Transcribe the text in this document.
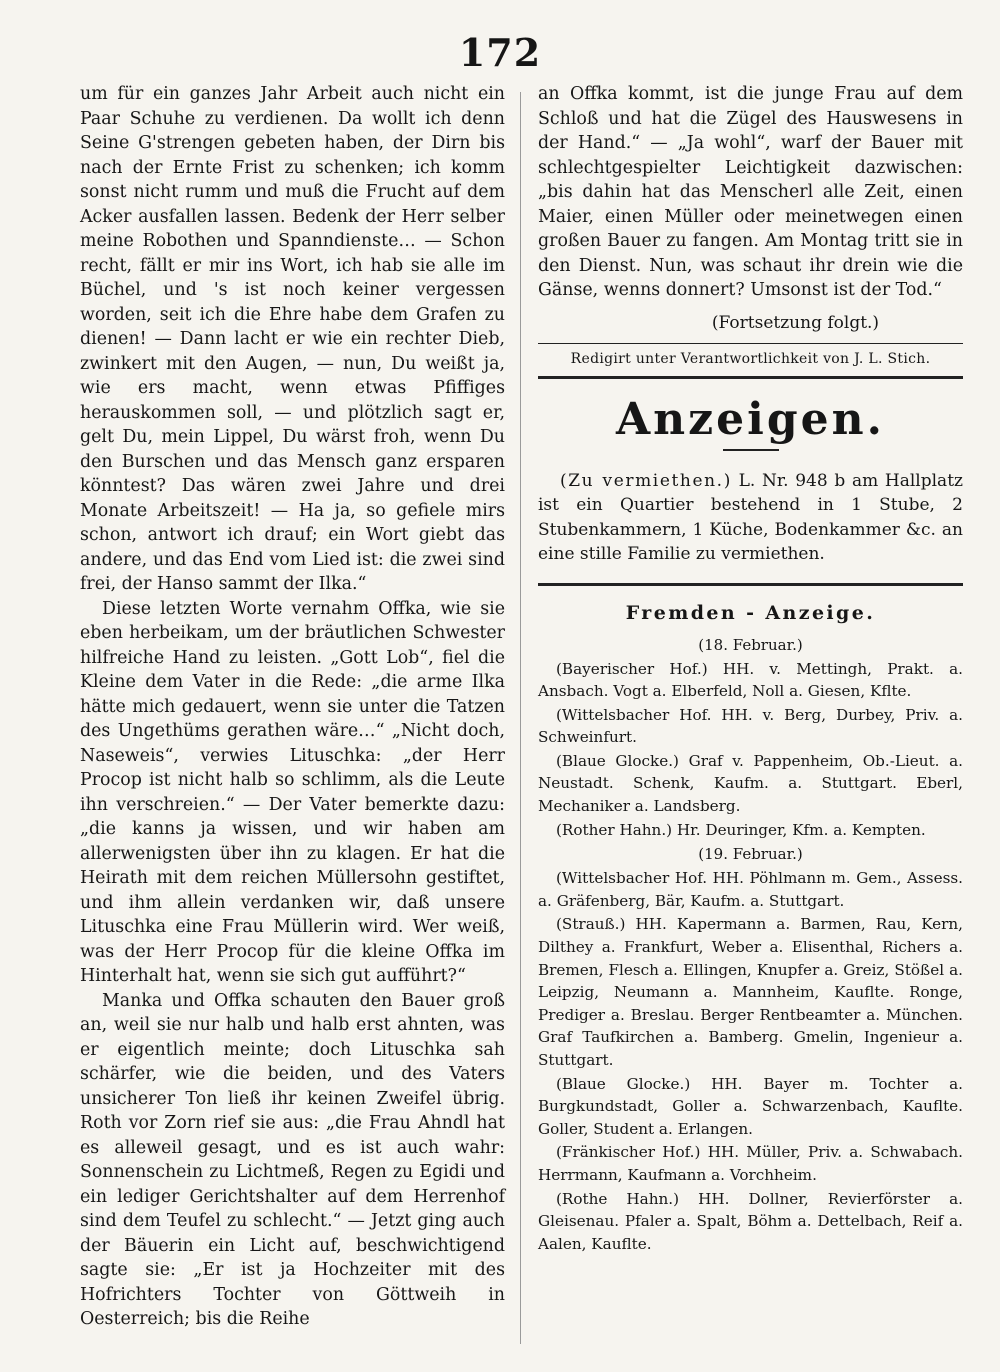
172

um für ein ganzes Jahr Arbeit auch nicht ein Paar Schuhe zu verdienen. Da wollt ich denn Seine G'strengen gebeten haben, der Dirn bis nach der Ernte Frist zu schenken; ich komm sonst nicht rumm und muß die Frucht auf dem Acker ausfallen lassen. Bedenk der Herr selber meine Robothen und Spanndienste… — Schon recht, fällt er mir ins Wort, ich hab sie alle im Büchel, und 's ist noch keiner vergessen worden, seit ich die Ehre habe dem Grafen zu dienen! — Dann lacht er wie ein rechter Dieb, zwinkert mit den Augen, — nun, Du weißt ja, wie ers macht, wenn etwas Pfiffiges herauskommen soll, — und plötzlich sagt er, gelt Du, mein Lippel, Du wärst froh, wenn Du den Burschen und das Mensch ganz ersparen könntest? Das wären zwei Jahre und drei Monate Arbeitszeit! — Ha ja, so gefiele mirs schon, antwort ich drauf; ein Wort giebt das andere, und das End vom Lied ist: die zwei sind frei, der Hanso sammt der Ilka.“

Diese letzten Worte vernahm Offka, wie sie eben herbeikam, um der bräutlichen Schwester hilfreiche Hand zu leisten. „Gott Lob“, fiel die Kleine dem Vater in die Rede: „die arme Ilka hätte mich gedauert, wenn sie unter die Tatzen des Ungethüms gerathen wäre…“ „Nicht doch, Naseweis“, verwies Lituschka: „der Herr Procop ist nicht halb so schlimm, als die Leute ihn verschreien.“ — Der Vater bemerkte dazu: „die kanns ja wissen, und wir haben am allerwenigsten über ihn zu klagen. Er hat die Heirath mit dem reichen Müllersohn gestiftet, und ihm allein verdanken wir, daß unsere Lituschka eine Frau Müllerin wird. Wer weiß, was der Herr Procop für die kleine Offka im Hinterhalt hat, wenn sie sich gut aufführt?“

Manka und Offka schauten den Bauer groß an, weil sie nur halb und halb erst ahnten, was er eigentlich meinte; doch Lituschka sah schärfer, wie die beiden, und des Vaters unsicherer Ton ließ ihr keinen Zweifel übrig. Roth vor Zorn rief sie aus: „die Frau Ahndl hat es alleweil gesagt, und es ist auch wahr: Sonnenschein zu Lichtmeß, Regen zu Egidi und ein lediger Gerichtshalter auf dem Herrenhof sind dem Teufel zu schlecht.“ — Jetzt ging auch der Bäuerin ein Licht auf, beschwichtigend sagte sie: „Er ist ja Hochzeiter mit des Hofrichters Tochter von Göttweih in Oesterreich; bis die Reihe

an Offka kommt, ist die junge Frau auf dem Schloß und hat die Zügel des Hauswesens in der Hand.“ — „Ja wohl“, warf der Bauer mit schlechtgespielter Leichtigkeit dazwischen: „bis dahin hat das Menscherl alle Zeit, einen Maier, einen Müller oder meinetwegen einen großen Bauer zu fangen. Am Montag tritt sie in den Dienst. Nun, was schaut ihr drein wie die Gänse, wenns donnert? Umsonst ist der Tod.“

(Fortsetzung folgt.)
Redigirt unter Verantwortlichkeit von J. L. Stich.
Anzeigen.

(Zu vermiethen.) L. Nr. 948 b am Hallplatz ist ein Quartier bestehend in 1 Stube, 2 Stubenkammern, 1 Küche, Bodenkammer &c. an eine stille Familie zu vermiethen.

Fremden - Anzeige.
(18. Februar.)

(Bayerischer Hof.) HH. v. Mettingh, Prakt. a. Ansbach. Vogt a. Elberfeld, Noll a. Giesen, Kflte.

(Wittelsbacher Hof. HH. v. Berg, Durbey, Priv. a. Schweinfurt.

(Blaue Glocke.) Graf v. Pappenheim, Ob.-Lieut. a. Neustadt. Schenk, Kaufm. a. Stuttgart. Eberl, Mechaniker a. Landsberg.

(Rother Hahn.) Hr. Deuringer, Kfm. a. Kempten.

(19. Februar.)

(Wittelsbacher Hof. HH. Pöhlmann m. Gem., Assess. a. Gräfenberg, Bär, Kaufm. a. Stuttgart.

(Strauß.) HH. Kapermann a. Barmen, Rau, Kern, Dilthey a. Frankfurt, Weber a. Elisenthal, Richers a. Bremen, Flesch a. Ellingen, Knupfer a. Greiz, Stößel a. Leipzig, Neumann a. Mannheim, Kauflte. Ronge, Prediger a. Breslau. Berger Rentbeamter a. München. Graf Taufkirchen a. Bamberg. Gmelin, Ingenieur a. Stuttgart.

(Blaue Glocke.) HH. Bayer m. Tochter a. Burgkundstadt, Goller a. Schwarzenbach, Kauflte. Goller, Student a. Erlangen.

(Fränkischer Hof.) HH. Müller, Priv. a. Schwabach. Herrmann, Kaufmann a. Vorchheim.

(Rothe Hahn.) HH. Dollner, Revierförster a. Gleisenau. Pfaler a. Spalt, Böhm a. Dettelbach, Reif a. Aalen, Kauflte.
